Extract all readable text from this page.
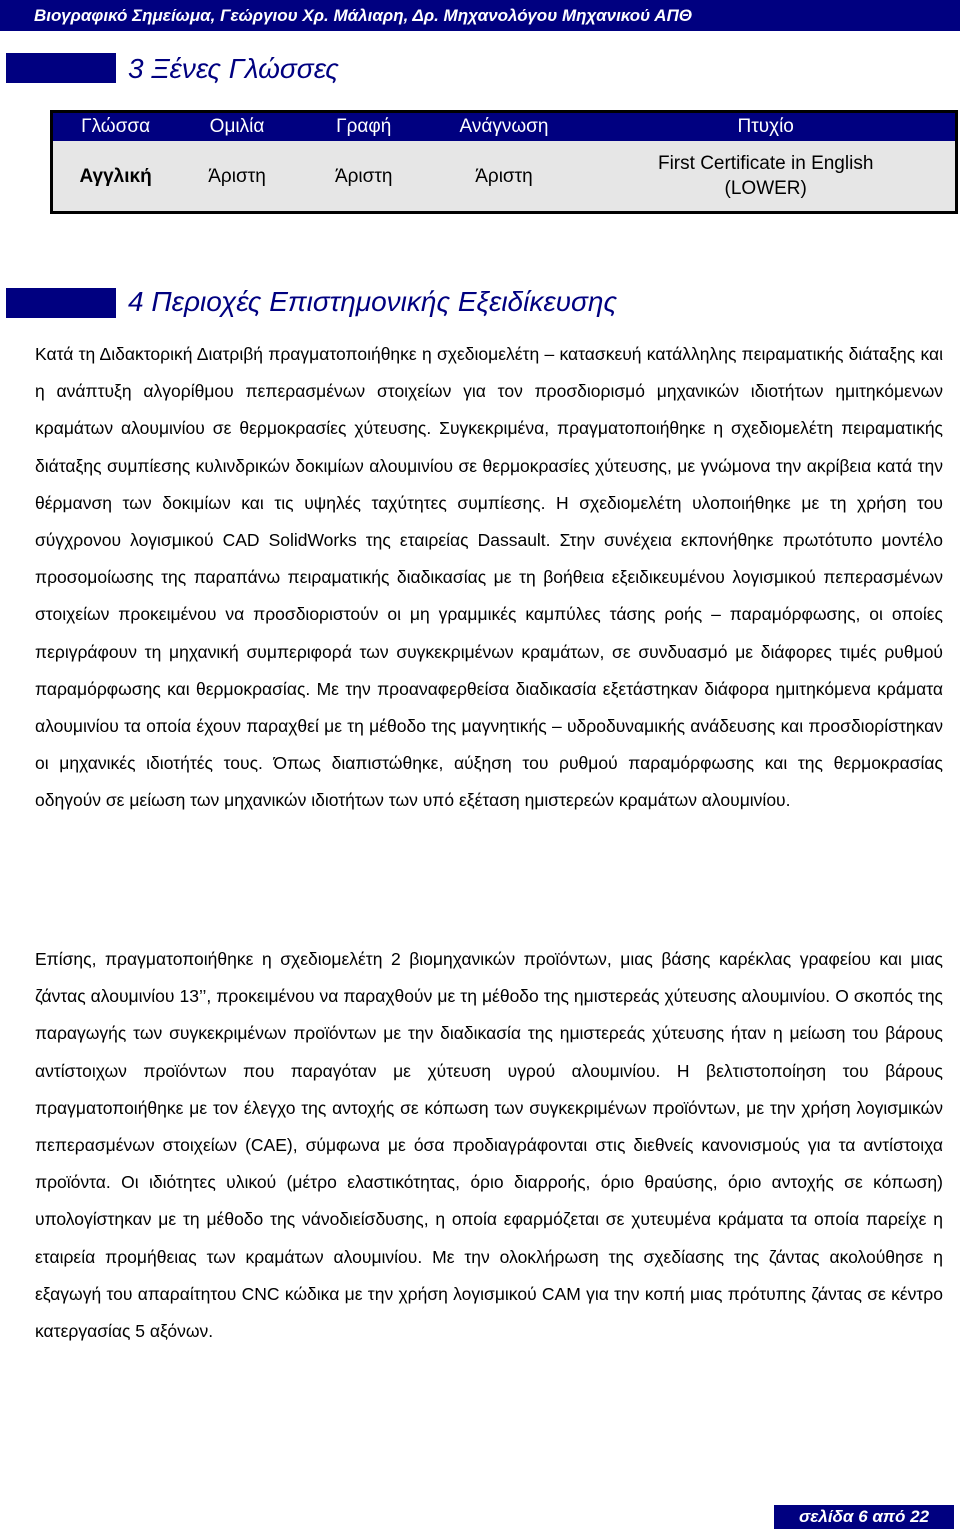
Βιογραφικό Σημείωμα, Γεώργιου Χρ. Μάλιαρη, Δρ. Μηχανολόγου Μηχανικού ΑΠΘ
3 Ξένες Γλώσσες
Γλώσσα	Ομιλία	Γραφή	Ανάγνωση	Πτυχίο
Αγγλική	Άριστη	Άριστη	Άριστη	First Certificate in English
(LOWER)
4 Περιοχές Επιστημονικής Εξειδίκευσης
Κατά τη Διδακτορική Διατριβή πραγματοποιήθηκε η σχεδιομελέτη – κατασκευή κατάλληλης πειραματικής διάταξης και η ανάπτυξη αλγορίθμου πεπερασμένων στοιχείων για τον προσδιορισμό μηχανικών ιδιοτήτων ημιτηκόμενων κραμάτων αλουμινίου σε θερμοκρασίες χύτευσης. Συγκεκριμένα, πραγματοποιήθηκε η σχεδιομελέτη πειραματικής διάταξης συμπίεσης κυλινδρικών δοκιμίων αλουμινίου σε θερμοκρασίες χύτευσης, με γνώμονα την ακρίβεια κατά την θέρμανση των δοκιμίων και τις υψηλές ταχύτητες συμπίεσης. Η σχεδιομελέτη υλοποιήθηκε με τη χρήση του σύγχρονου λογισμικού CAD SolidWorks της εταιρείας Dassault. Στην συνέχεια εκπονήθηκε πρωτότυπο μοντέλο προσομοίωσης της παραπάνω πειραματικής διαδικασίας με τη βοήθεια εξειδικευμένου λογισμικού πεπερασμένων στοιχείων προκειμένου να προσδιοριστούν οι μη γραμμικές καμπύλες τάσης ροής – παραμόρφωσης, οι οποίες περιγράφουν τη μηχανική συμπεριφορά των συγκεκριμένων κραμάτων, σε συνδυασμό με διάφορες τιμές ρυθμού παραμόρφωσης και θερμοκρασίας. Με την προαναφερθείσα διαδικασία εξετάστηκαν διάφορα ημιτηκόμενα κράματα αλουμινίου τα οποία έχουν παραχθεί με τη μέθοδο της μαγνητικής – υδροδυναμικής ανάδευσης και προσδιορίστηκαν οι μηχανικές ιδιοτήτές τους. Όπως διαπιστώθηκε, αύξηση του ρυθμού παραμόρφωσης και της θερμοκρασίας οδηγούν σε μείωση των μηχανικών ιδιοτήτων των υπό εξέταση ημιστερεών κραμάτων αλουμινίου.
Επίσης, πραγματοποιήθηκε η σχεδιομελέτη 2 βιομηχανικών προϊόντων, μιας βάσης καρέκλας γραφείου και μιας ζάντας αλουμινίου 13’’, προκειμένου να παραχθούν με τη μέθοδο της ημιστερεάς χύτευσης αλουμινίου. Ο σκοπός της παραγωγής των συγκεκριμένων προϊόντων με την διαδικασία της ημιστερεάς χύτευσης ήταν η μείωση του βάρους αντίστοιχων προϊόντων που παραγόταν με χύτευση υγρού αλουμινίου. Η βελτιστοποίηση του βάρους πραγματοποιήθηκε με τον έλεγχο της αντοχής σε κόπωση των συγκεκριμένων προϊόντων, με την χρήση λογισμικών πεπερασμένων στοιχείων (CAE), σύμφωνα με όσα προδιαγράφονται στις διεθνείς κανονισμούς για τα αντίστοιχα προϊόντα. Οι ιδιότητες υλικού (μέτρο ελαστικότητας, όριο διαρροής, όριο θραύσης, όριο αντοχής σε κόπωση) υπολογίστηκαν με τη μέθοδο της νάνοδιείσδυσης, η οποία εφαρμόζεται σε χυτευμένα κράματα τα οποία παρείχε η εταιρεία προμήθειας των κραμάτων αλουμινίου. Με την ολοκλήρωση της σχεδίασης της ζάντας ακολούθησε η εξαγωγή του απαραίτητου CNC κώδικα με την χρήση λογισμικού CAM για την κοπή μιας πρότυπης ζάντας σε κέντρο κατεργασίας 5 αξόνων.
σελίδα 6 από 22
